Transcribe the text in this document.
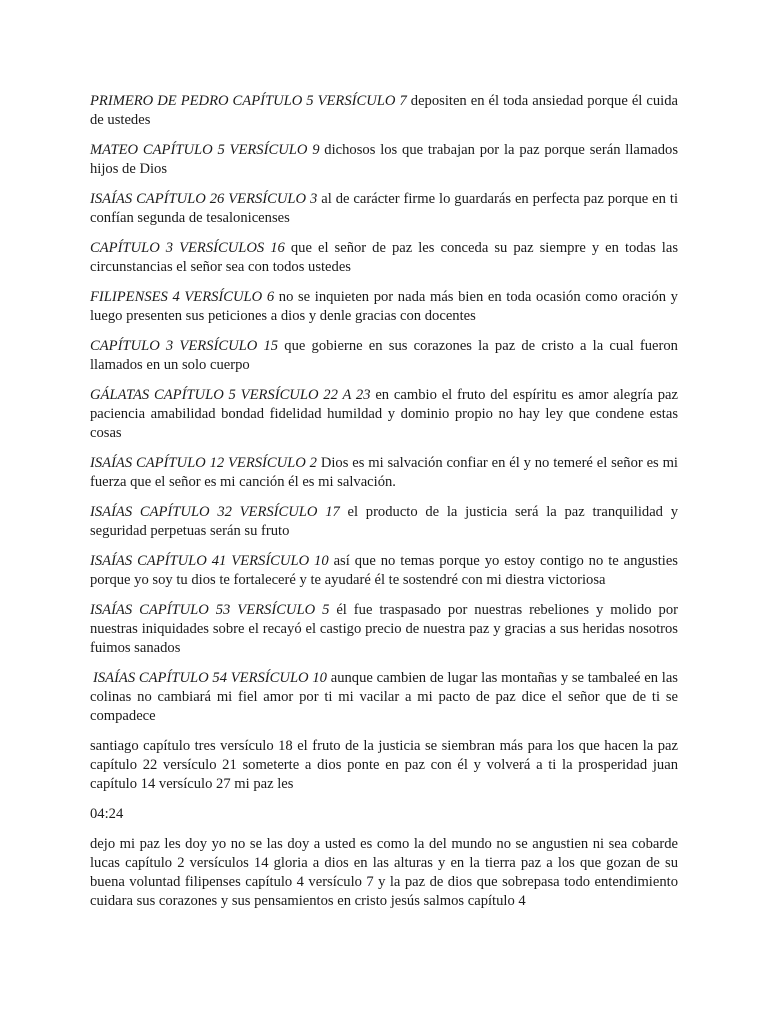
PRIMERO DE PEDRO CAPÍTULO 5 VERSÍCULO 7 depositen en él toda ansiedad porque él cuida de ustedes

MATEO CAPÍTULO 5 VERSÍCULO 9 dichosos los que trabajan por la paz porque serán llamados hijos de Dios

ISAÍAS CAPÍTULO 26 VERSÍCULO 3 al de carácter firme lo guardarás en perfecta paz porque en ti confían segunda de tesalonicenses

CAPÍTULO 3 VERSÍCULOS 16 que el señor de paz les conceda su paz siempre y en todas las circunstancias el señor sea con todos ustedes

FILIPENSES 4 VERSÍCULO 6 no se inquieten por nada más bien en toda ocasión como oración y luego presenten sus peticiones a dios y denle gracias con docentes

CAPÍTULO 3 VERSÍCULO 15 que gobierne en sus corazones la paz de cristo a la cual fueron llamados en un solo cuerpo

GÁLATAS CAPÍTULO 5 VERSÍCULO 22 A 23 en cambio el fruto del espíritu es amor alegría paz paciencia amabilidad bondad fidelidad humildad y dominio propio no hay ley que condene estas cosas

ISAÍAS CAPÍTULO 12 VERSÍCULO 2 Dios es mi salvación confiar en él y no temeré el señor es mi fuerza que el señor es mi canción él es mi salvación.

ISAÍAS CAPÍTULO 32 VERSÍCULO 17 el producto de la justicia será la paz tranquilidad y seguridad perpetuas serán su fruto

ISAÍAS CAPÍTULO 41 VERSÍCULO 10 así que no temas porque yo estoy contigo no te angusties porque yo soy tu dios te fortaleceré y te ayudaré él te sostendré con mi diestra victoriosa

ISAÍAS CAPÍTULO 53 VERSÍCULO 5 él fue traspasado por nuestras rebeliones y molido por nuestras iniquidades sobre el recayó el castigo precio de nuestra paz y gracias a sus heridas nosotros fuimos sanados

ISAÍAS CAPÍTULO 54 VERSÍCULO 10 aunque cambien de lugar las montañas y se tambaleé en las colinas no cambiará mi fiel amor por ti mi vacilar a mi pacto de paz dice el señor que de ti se compadece

santiago capítulo tres versículo 18 el fruto de la justicia se siembran más para los que hacen la paz capítulo 22 versículo 21 someterte a dios ponte en paz con él y volverá a ti la prosperidad juan capítulo 14 versículo 27 mi paz les

04:24

dejo mi paz les doy yo no se las doy a usted es como la del mundo no se angustien ni sea cobarde lucas capítulo 2 versículos 14 gloria a dios en las alturas y en la tierra paz a los que gozan de su buena voluntad filipenses capítulo 4 versículo 7 y la paz de dios que sobrepasa todo entendimiento cuidara sus corazones y sus pensamientos en cristo jesús salmos capítulo 4
